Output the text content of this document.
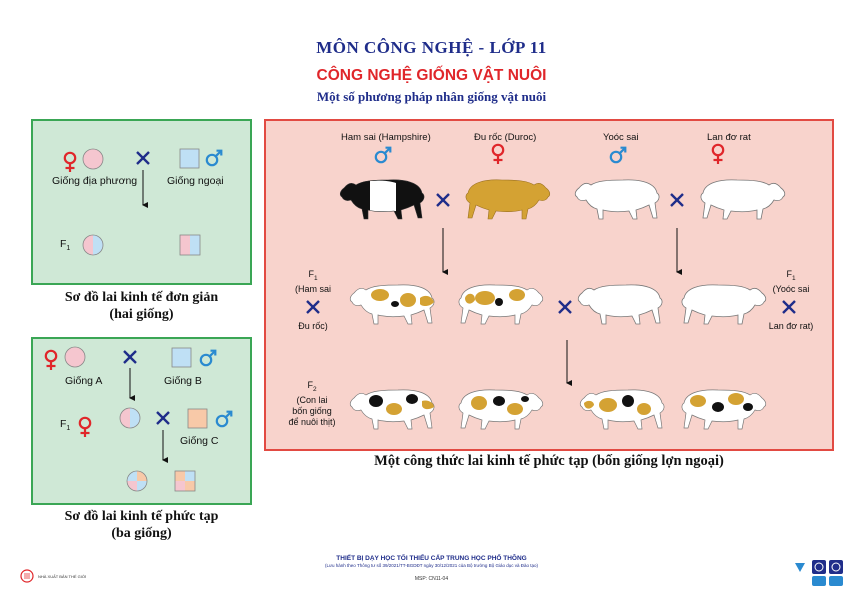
MÔN CÔNG NGHỆ - LỚP 11
CÔNG NGHỆ GIỐNG VẬT NUÔI
Một số phương pháp nhân giống vật nuôi
Giống địa phương	Giống ngoại
$F_1$
Sơ đồ lai kinh tế đơn giản
(hai giống)
Giống A	Giống B
$F_1$
Giống C
Sơ đồ lai kinh tế phức tạp
(ba giống)
Ham sai (Hampshire)	Đu rốc (Duroc)	Yoóc sai	Lan đơ rat
$F_1$
(Ham sai
Đu rốc)
$F_1$
(Yoóc sai
Lan đơ rat)
$F_2$
(Con lai
bốn giống
để nuôi thịt)
Một công thức lai kinh tế phức tạp (bốn giống lợn ngoại)
THIẾT BỊ DẠY HỌC TỐI THIỂU CẤP TRUNG HỌC PHỔ THÔNG
(Lưu hành theo Thông tư số 39/2021/TT-BGDĐT ngày 30/12/2021 của Bộ trưởng Bộ Giáo dục và Đào tạo)
MSP: CN11-04
NHÀ XUẤT BẢN THẾ GIỚI
